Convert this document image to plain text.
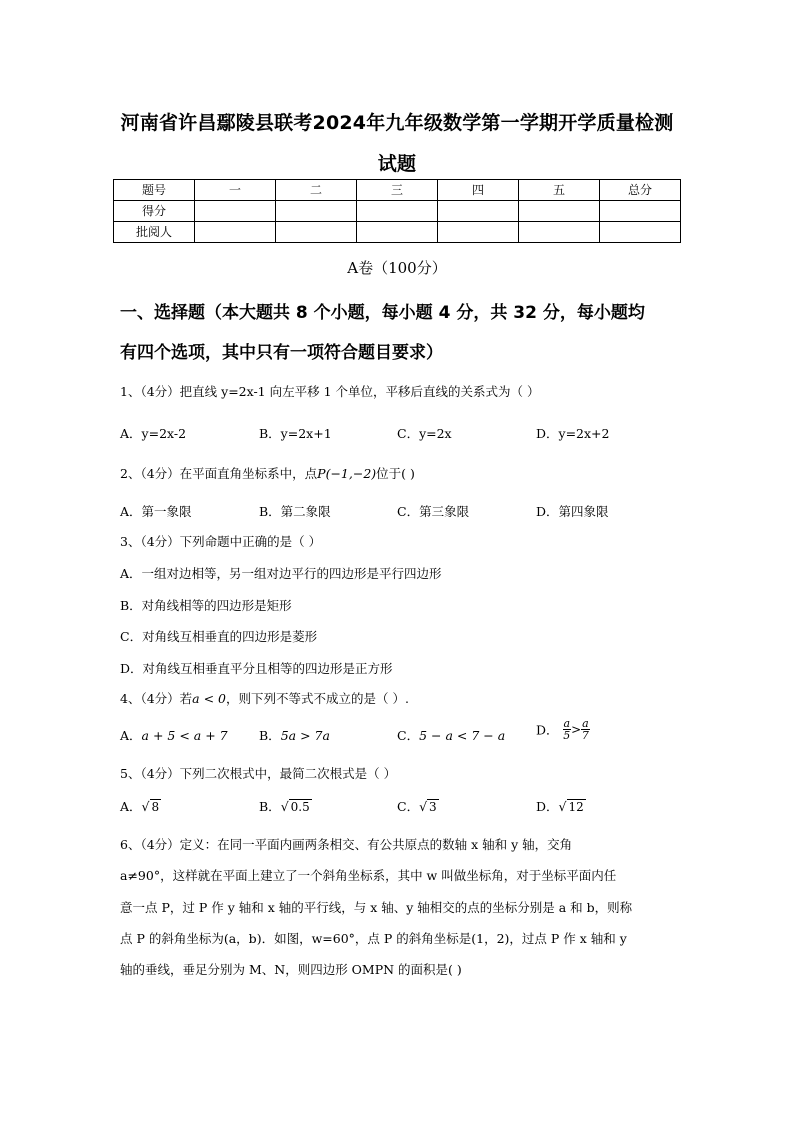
河南省许昌鄢陵县联考2024年九年级数学第一学期开学质量检测
试题
题号	一	二	三	四	五	总分
得分						
批阅人						
A卷（100分）
一、选择题（本大题共 8 个小题，每小题 4 分，共 32 分，每小题均
有四个选项，其中只有一项符合题目要求）
1、（4分）把直线 y=2x-1 向左平移 1 个单位，平移后直线的关系式为（ ）
A．y=2x-2	B．y=2x+1	C．y=2x	D．y=2x+2
2、（4分）在平面直角坐标系中，点P(−1,−2)位于( )
A．第一象限	B．第二象限	C．第三象限	D．第四象限
3、（4分）下列命题中正确的是（ ）
A．一组对边相等，另一组对边平行的四边形是平行四边形
B．对角线相等的四边形是矩形
C．对角线互相垂直的四边形是菱形
D．对角线互相垂直平分且相等的四边形是正方形
4、（4分）若a < 0，则下列不等式不成立的是（ ）.
A．a + 5 < a + 7	B．5a > 7a	C．5 − a < 7 − a D． $\frac{a}{5} > \frac{a}{7}$
5、（4分）下列二次根式中，最简二次根式是（ ）
A．√ 8	B．√ 0.5	C．√ 3	D．√ 12
6、（4分）定义：在同一平面内画两条相交、有公共原点的数轴 x 轴和 y 轴，交角
a≠90°，这样就在平面上建立了一个斜角坐标系，其中 w 叫做坐标角，对于坐标平面内任
意一点 P，过 P 作 y 轴和 x 轴的平行线，与 x 轴、y 轴相交的点的坐标分别是 a 和 b，则称
点 P 的斜角坐标为(a，b)．如图，w=60°，点 P 的斜角坐标是(1，2)，过点 P 作 x 轴和 y
轴的垂线，垂足分别为 M、N，则四边形 OMPN 的面积是( )
